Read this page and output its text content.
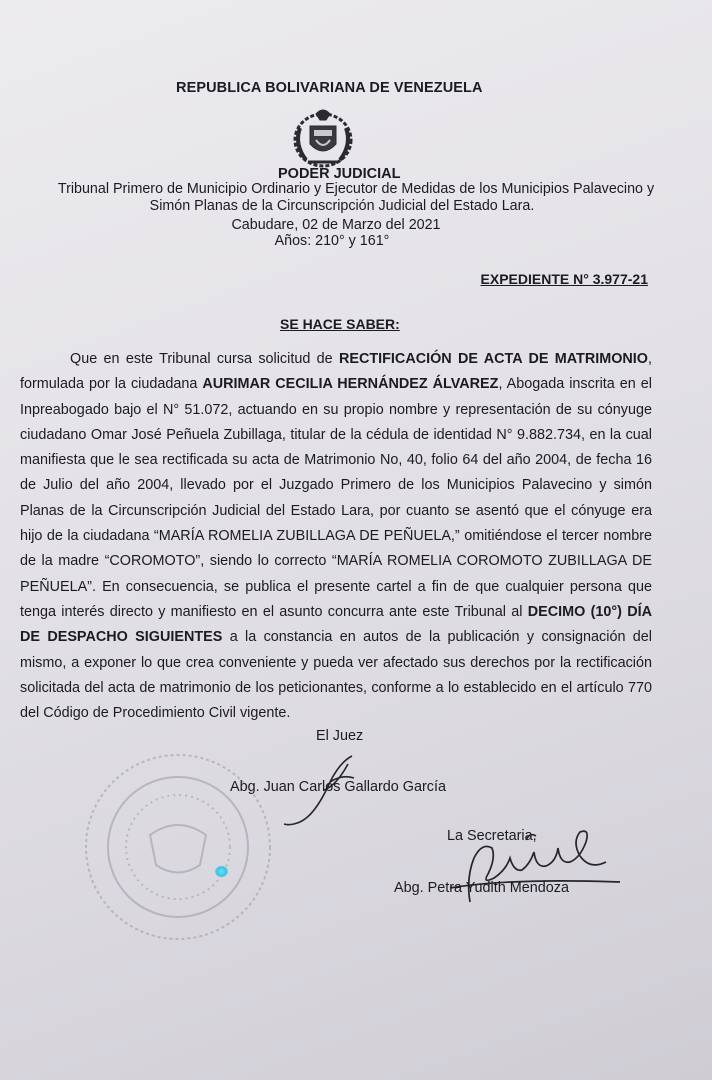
REPUBLICA BOLIVARIANA DE VENEZUELA
PODER JUDICIAL
Tribunal Primero de Municipio Ordinario y Ejecutor de Medidas de los Municipios Palavecino y
Simón Planas de la Circunscripción Judicial del Estado Lara.
Cabudare, 02 de Marzo del 2021
Años: 210° y 161°
EXPEDIENTE N° 3.977-21
SE HACE SABER:
Que en este Tribunal cursa solicitud de RECTIFICACIÓN DE ACTA DE MATRIMONIO, formulada por la ciudadana AURIMAR CECILIA HERNÁNDEZ ÁLVAREZ, Abogada inscrita en el Inpreabogado bajo el N° 51.072, actuando en su propio nombre y representación de su cónyuge ciudadano Omar José Peñuela Zubillaga, titular de la cédula de identidad N° 9.882.734, en la cual manifiesta que le sea rectificada su acta de Matrimonio No, 40, folio 64 del año 2004, de fecha 16 de Julio del año 2004, llevado por el Juzgado Primero de los Municipios Palavecino y simón Planas de la Circunscripción Judicial del Estado Lara, por cuanto se asentó que el cónyuge era hijo de la ciudadana “MARÍA ROMELIA ZUBILLAGA DE PEÑUELA,” omitiéndose el tercer nombre de la madre “COROMOTO”, siendo lo correcto “MARÍA ROMELIA COROMOTO ZUBILLAGA DE PEÑUELA”. En consecuencia, se publica el presente cartel a fin de que cualquier persona que tenga interés directo y manifiesto en el asunto concurra ante este Tribunal al DECIMO (10°) DÍA DE DESPACHO SIGUIENTES a la constancia en autos de la publicación y consignación del mismo, a exponer lo que crea conveniente y pueda ver afectado sus derechos por la rectificación solicitada del acta de matrimonio de los peticionantes, conforme a lo establecido en el artículo 770 del Código de Procedimiento Civil vigente.
El Juez
Abg. Juan Carlos Gallardo García
La Secretaria,
Abg. Petra Yudith Mendoza
